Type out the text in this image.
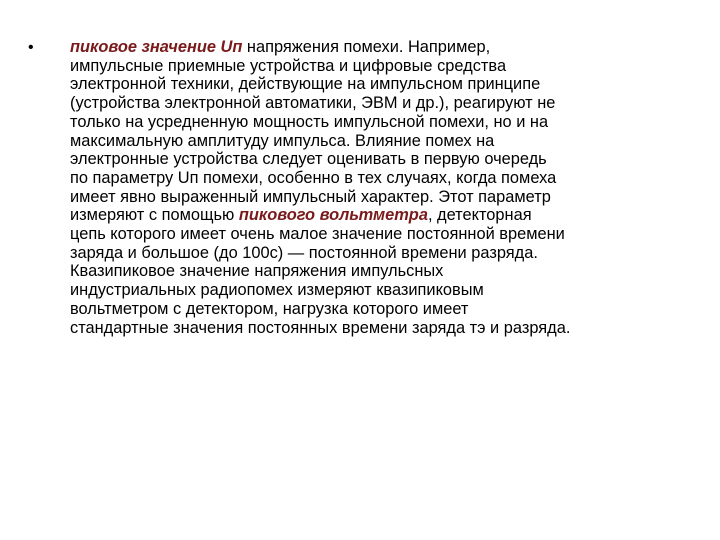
•	пиковое значение Uп напряжения помехи. Например,
импульсные приемные устройства и цифровые средства
электронной техники, действующие на импульсном принципе
(устройства электронной автоматики, ЭВМ и др.), реагируют не
только на усредненную мощность импульсной помехи, но и на
максимальную амплитуду импульса. Влияние помех на
электронные устройства следует оценивать в первую очередь
по параметру Uп помехи, особенно в тех случаях, когда помеха
имеет явно выраженный импульсный характер. Этот параметр
измеряют с помощью пикового вольтметра, детекторная
цепь которого имеет очень малое значение постоянной времени
заряда и большое (до 100с) — постоянной времени разряда.
Квазипиковое значение напряжения импульсных
индустриальных радиопомех измеряют квазипиковым
вольтметром с детектором, нагрузка которого имеет
стандартные значения постоянных времени заряда тэ и разряда.
